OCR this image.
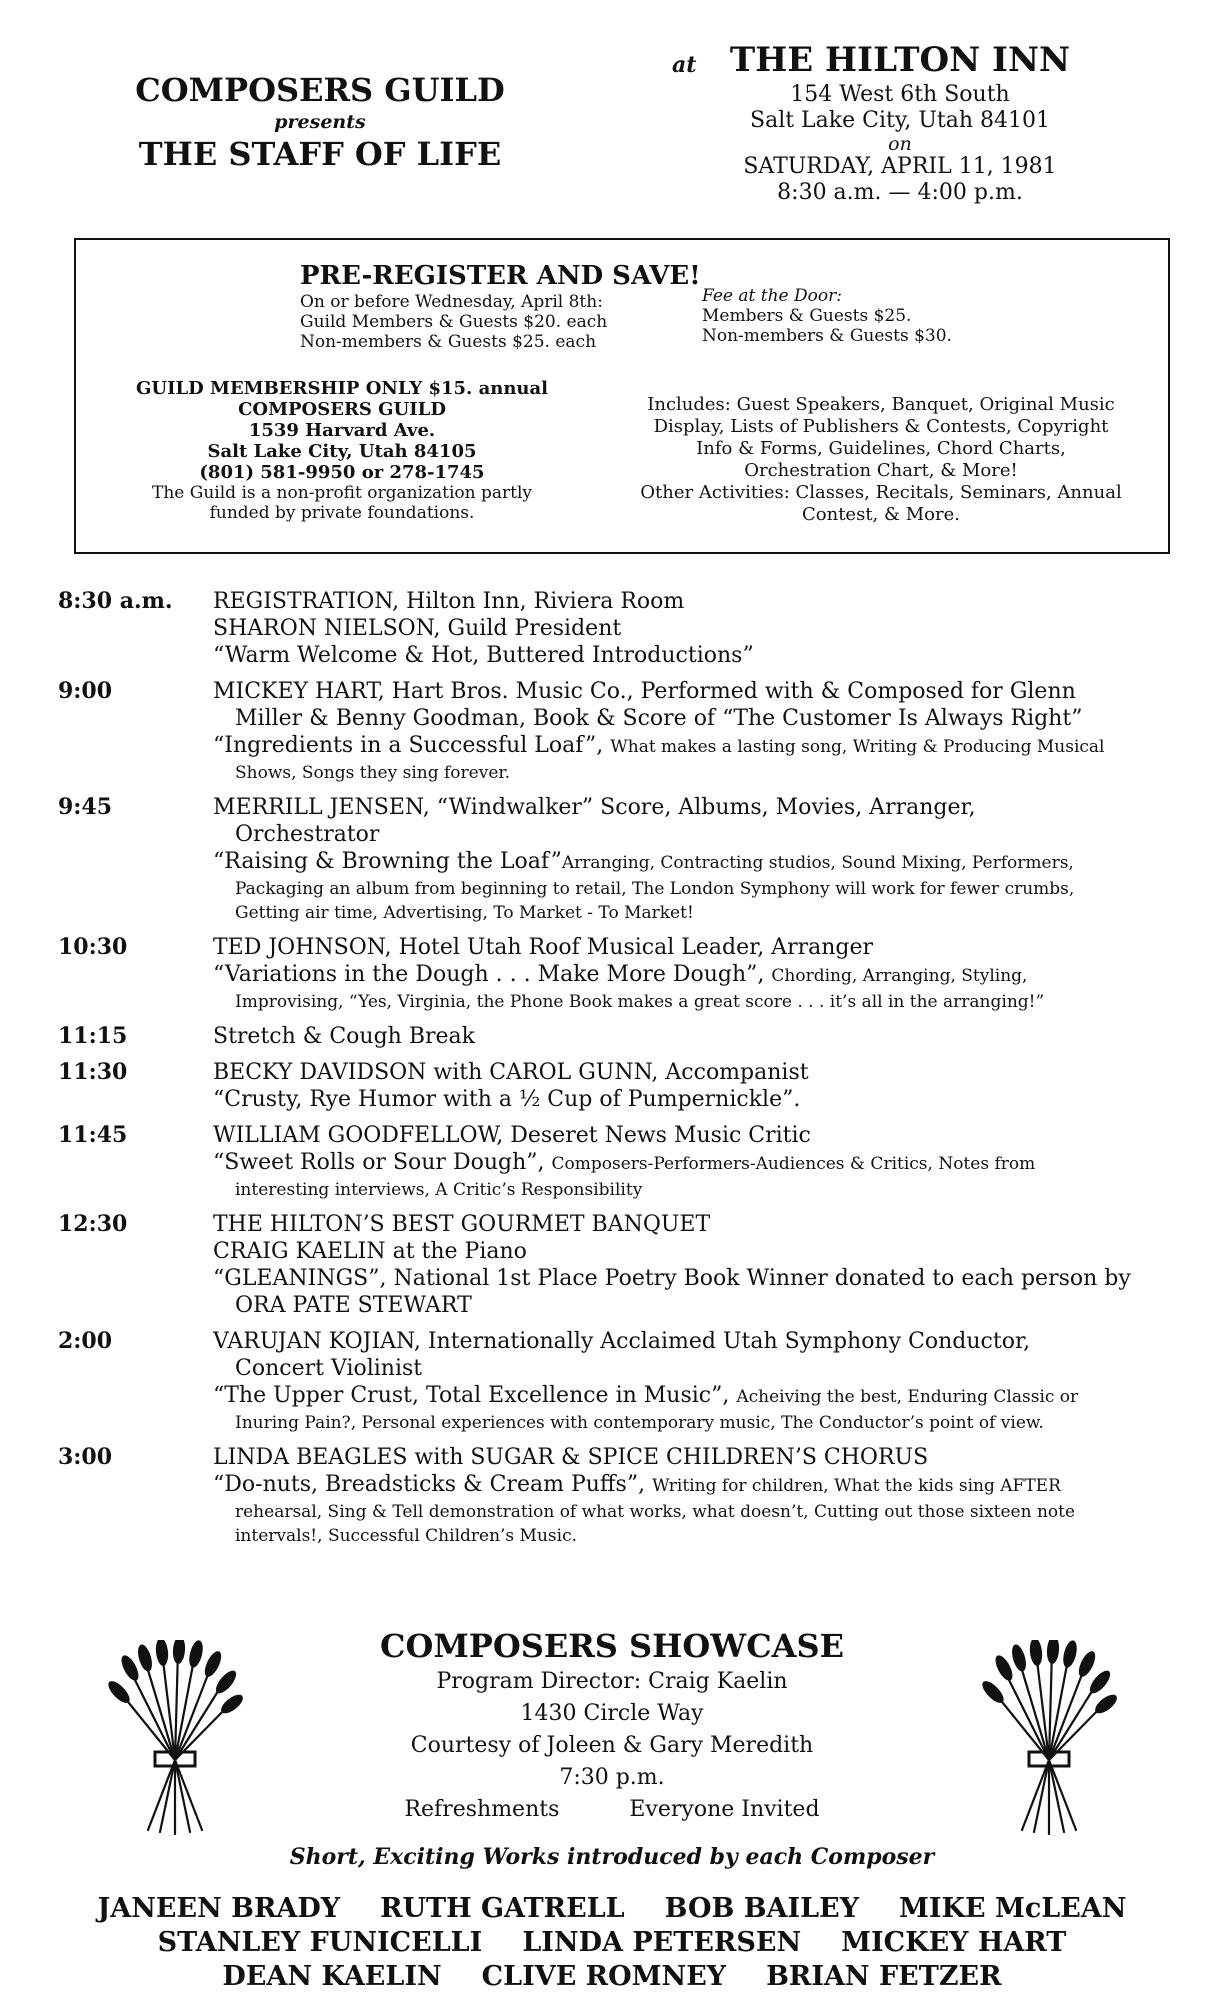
COMPOSERS GUILD
presents
THE STAFF OF LIFE
at THE HILTON INN
154 West 6th South
Salt Lake City, Utah 84101
on
SATURDAY, APRIL 11, 1981
8:30 a.m. — 4:00 p.m.
PRE-REGISTER AND SAVE!
On or before Wednesday, April 8th:
Guild Members & Guests $20. each
Non-members & Guests $25. each
Fee at the Door:
Members & Guests $25.
Non-members & Guests $30.
GUILD MEMBERSHIP ONLY $15. annual
COMPOSERS GUILD
1539 Harvard Ave.
Salt Lake City, Utah 84105
(801) 581-9950 or 278-1745
The Guild is a non-profit organization partly
funded by private foundations.
Includes: Guest Speakers, Banquet, Original Music
Display, Lists of Publishers & Contests, Copyright
Info & Forms, Guidelines, Chord Charts,
Orchestration Chart, & More!
Other Activities: Classes, Recitals, Seminars, Annual
Contest, & More.
8:30 a.m.	REGISTRATION, Hilton Inn, Riviera Room
SHARON NIELSON, Guild President
“Warm Welcome & Hot, Buttered Introductions”
9:00	MICKEY HART, Hart Bros. Music Co., Performed with & Composed for Glenn
Miller & Benny Goodman, Book & Score of “The Customer Is Always Right”
“Ingredients in a Successful Loaf”, What makes a lasting song, Writing & Producing Musical
Shows, Songs they sing forever.
9:45	MERRILL JENSEN, “Windwalker” Score, Albums, Movies, Arranger,
Orchestrator
“Raising & Browning the Loaf”Arranging, Contracting studios, Sound Mixing, Performers,
Packaging an album from beginning to retail, The London Symphony will work for fewer crumbs,
Getting air time, Advertising, To Market - To Market!
10:30	TED JOHNSON, Hotel Utah Roof Musical Leader, Arranger
“Variations in the Dough . . . Make More Dough”, Chording, Arranging, Styling,
Improvising, “Yes, Virginia, the Phone Book makes a great score . . . it’s all in the arranging!”
11:15	Stretch & Cough Break
11:30	BECKY DAVIDSON with CAROL GUNN, Accompanist
“Crusty, Rye Humor with a ½ Cup of Pumpernickle”.
11:45	WILLIAM GOODFELLOW, Deseret News Music Critic
“Sweet Rolls or Sour Dough”, Composers-Performers-Audiences & Critics, Notes from
interesting interviews, A Critic’s Responsibility
12:30	THE HILTON’S BEST GOURMET BANQUET
CRAIG KAELIN at the Piano
“GLEANINGS”, National 1st Place Poetry Book Winner donated to each person by
ORA PATE STEWART
2:00	VARUJAN KOJIAN, Internationally Acclaimed Utah Symphony Conductor,
Concert Violinist
“The Upper Crust, Total Excellence in Music”, Acheiving the best, Enduring Classic or
Inuring Pain?, Personal experiences with contemporary music, The Conductor’s point of view.
3:00	LINDA BEAGLES with SUGAR & SPICE CHILDREN’S CHORUS
“Do-nuts, Breadsticks & Cream Puffs”, Writing for children, What the kids sing AFTER
rehearsal, Sing & Tell demonstration of what works, what doesn’t, Cutting out those sixteen note
intervals!, Successful Children’s Music.
COMPOSERS SHOWCASE
Program Director: Craig Kaelin
1430 Circle Way
Courtesy of Joleen & Gary Meredith
7:30 p.m.
Refreshments	Everyone Invited
Short, Exciting Works introduced by each Composer
JANEEN BRADY RUTH GATRELL BOB BAILEY MIKE McLEAN
STANLEY FUNICELLI LINDA PETERSEN MICKEY HART
DEAN KAELIN CLIVE ROMNEY BRIAN FETZER
